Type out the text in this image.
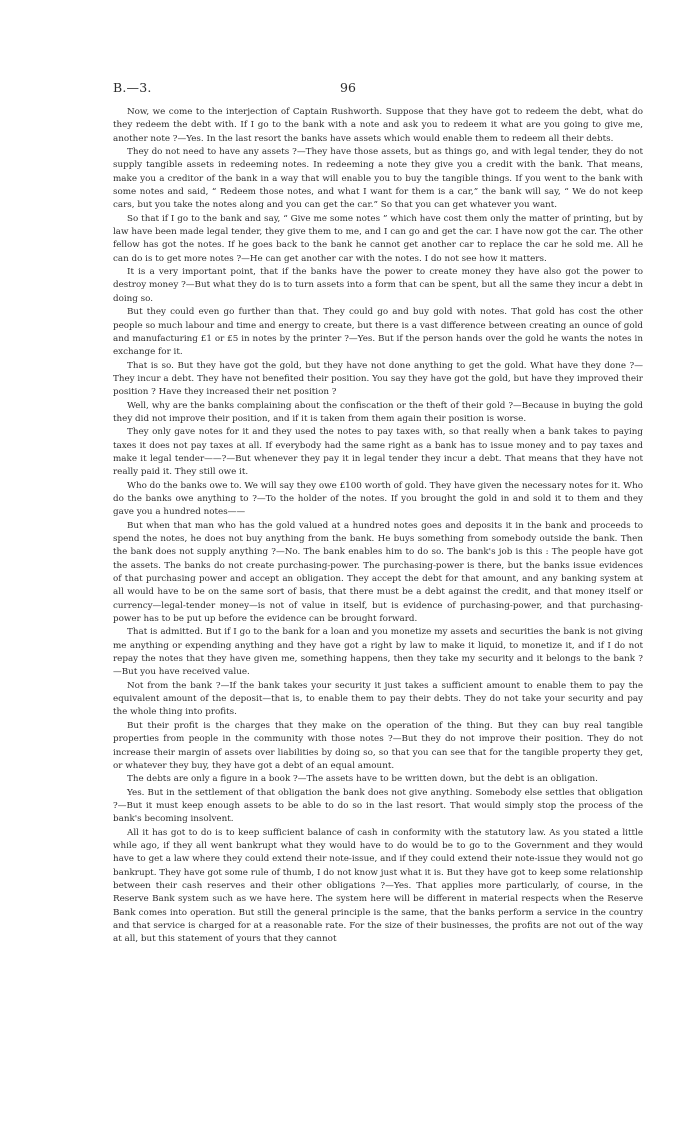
B.—3.	96

Now, we come to the interjection of Captain Rushworth. Suppose that they have got to redeem the debt, what do they redeem the debt with. If I go to the bank with a note and ask you to redeem it what are you going to give me, another note ?—Yes. In the last resort the banks have assets which would enable them to redeem all their debts.

They do not need to have any assets ?—They have those assets, but as things go, and with legal tender, they do not supply tangible assets in redeeming notes. In redeeming a note they give you a credit with the bank. That means, make you a creditor of the bank in a way that will enable you to buy the tangible things. If you went to the bank with some notes and said, “ Redeem those notes, and what I want for them is a car,” the bank will say, “ We do not keep cars, but you take the notes along and you can get the car.” So that you can get whatever you want.

So that if I go to the bank and say, “ Give me some notes ” which have cost them only the matter of printing, but by law have been made legal tender, they give them to me, and I can go and get the car. I have now got the car. The other fellow has got the notes. If he goes back to the bank he cannot get another car to replace the car he sold me. All he can do is to get more notes ?—He can get another car with the notes. I do not see how it matters.

It is a very important point, that if the banks have the power to create money they have also got the power to destroy money ?—But what they do is to turn assets into a form that can be spent, but all the same they incur a debt in doing so.

But they could even go further than that. They could go and buy gold with notes. That gold has cost the other people so much labour and time and energy to create, but there is a vast difference between creating an ounce of gold and manufacturing £1 or £5 in notes by the printer ?—Yes. But if the person hands over the gold he wants the notes in exchange for it.

That is so. But they have got the gold, but they have not done anything to get the gold. What have they done ?—They incur a debt. They have not benefited their position. You say they have got the gold, but have they improved their position ? Have they increased their net position ?

Well, why are the banks complaining about the confiscation or the theft of their gold ?—Because in buying the gold they did not improve their position, and if it is taken from them again their position is worse.

They only gave notes for it and they used the notes to pay taxes with, so that really when a bank takes to paying taxes it does not pay taxes at all. If everybody had the same right as a bank has to issue money and to pay taxes and make it legal tender——?—But whenever they pay it in legal tender they incur a debt. That means that they have not really paid it. They still owe it.

Who do the banks owe to. We will say they owe £100 worth of gold. They have given the necessary notes for it. Who do the banks owe anything to ?—To the holder of the notes. If you brought the gold in and sold it to them and they gave you a hundred notes——

But when that man who has the gold valued at a hundred notes goes and deposits it in the bank and proceeds to spend the notes, he does not buy anything from the bank. He buys something from somebody outside the bank. Then the bank does not supply anything ?—No. The bank enables him to do so. The bank's job is this : The people have got the assets. The banks do not create purchasing-power. The purchasing-power is there, but the banks issue evidences of that purchasing power and accept an obligation. They accept the debt for that amount, and any banking system at all would have to be on the same sort of basis, that there must be a debt against the credit, and that money itself or currency—legal-tender money—is not of value in itself, but is evidence of purchasing-power, and that purchasing-power has to be put up before the evidence can be brought forward.

That is admitted. But if I go to the bank for a loan and you monetize my assets and securities the bank is not giving me anything or expending anything and they have got a right by law to make it liquid, to monetize it, and if I do not repay the notes that they have given me, something happens, then they take my security and it belongs to the bank ?—But you have received value.

Not from the bank ?—If the bank takes your security it just takes a sufficient amount to enable them to pay the equivalent amount of the deposit—that is, to enable them to pay their debts. They do not take your security and pay the whole thing into profits.

But their profit is the charges that they make on the operation of the thing. But they can buy real tangible properties from people in the community with those notes ?—But they do not improve their position. They do not increase their margin of assets over liabilities by doing so, so that you can see that for the tangible property they get, or whatever they buy, they have got a debt of an equal amount.

The debts are only a figure in a book ?—The assets have to be written down, but the debt is an obligation.

Yes. But in the settlement of that obligation the bank does not give anything. Somebody else settles that obligation ?—But it must keep enough assets to be able to do so in the last resort. That would simply stop the process of the bank's becoming insolvent.

All it has got to do is to keep sufficient balance of cash in conformity with the statutory law. As you stated a little while ago, if they all went bankrupt what they would have to do would be to go to the Government and they would have to get a law where they could extend their note-issue, and if they could extend their note-issue they would not go bankrupt. They have got some rule of thumb, I do not know just what it is. But they have got to keep some relationship between their cash reserves and their other obligations ?—Yes. That applies more particularly, of course, in the Reserve Bank system such as we have here. The system here will be different in material respects when the Reserve Bank comes into operation. But still the general principle is the same, that the banks perform a service in the country and that service is charged for at a reasonable rate. For the size of their businesses, the profits are not out of the way at all, but this statement of yours that they cannot
